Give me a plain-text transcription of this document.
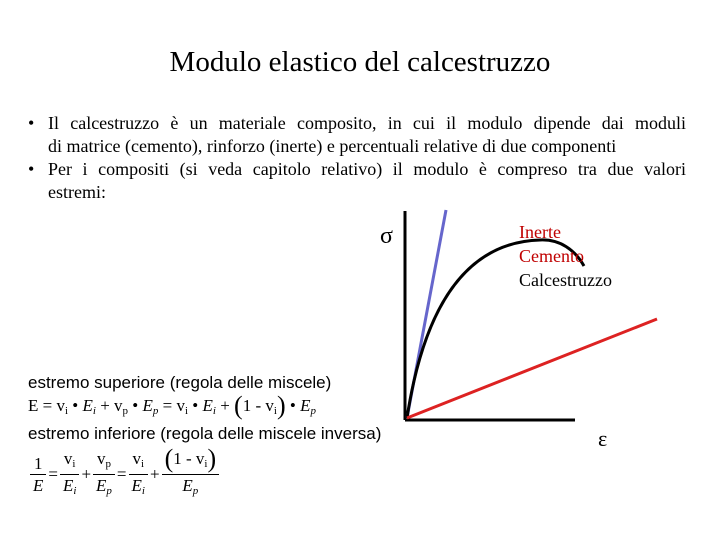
Modulo elastico del calcestruzzo
• Il calcestruzzo è un materiale composito, in cui il modulo dipende dai moduli
di matrice (cemento), rinforzo (inerte) e percentuali relative di due componenti
• Per i compositi (si veda capitolo relativo) il modulo è compreso tra due valori
estremi:
σ
ε
Inerte
Cemento
Calcestruzzo
estremo superiore (regola delle miscele)
$E = v_i$ • $E_i + v_p$ • $E_p = v_i$ • $E_i + (1 - v_i)$ • $E_p$
estremo inferiore (regola delle miscele inversa)
$\frac{1}{E} = \frac{v_i}{E_i} + \frac{v_p}{E_p} = \frac{v_i}{E_i} + \frac{(1 - v_i)}{E_p}$
